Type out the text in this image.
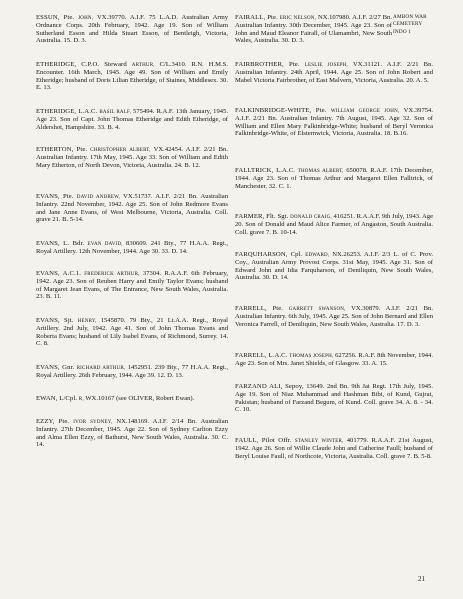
ESSUN, Pte. JOHN, VX.39770. A.I.F. 75 L.A.D. Australian Army Ordnance Corps. 20th February, 1942. Age 19. Son of William Sutherland Esson and Hilda Stuart Esson, of Bentleigh, Victoria, Australia. 15. D. 3.

ETHERIDGE, C.P.O. Steward ARTHUR, C/L.3410. R.N. H.M.S. Encounter. 16th March, 1945. Age 49. Son of William and Emily Etheridge; husband of Doris Lilian Etheridge, of Staines, Middlesex. 30. E. 13.

ETHERIDGE, L.A.C. BASIL RALF, 575494. R.A.F. 13th January, 1945. Age 23. Son of Capt. John Thomas Etheridge and Edith Etheridge, of Aldershot, Hampshire. 33. B. 4.

ETHERTON, Pte. CHRISTOPHER ALBERT, VX.42454. A.I.F. 2/21 Bn. Australian Infantry. 17th May, 1945. Age 33. Son of William and Edith Mary Etherton, of North Devon, Victoria, Australia. 24. B. 12.

EVANS, Pte. DAVID ANDREW, VX.51737. A.I.F. 2/21 Bn. Australian Infantry. 22nd November, 1942. Age 25. Son of John Redmore Evans and Jane Anne Evans, of West Melbourne, Victoria, Australia. Coll. grave 21. B. 5-14.

EVANS, L. Bdr. EVAN DAVID, 830609. 241 Bty., 77 H.A.A. Regt., Royal Artillery. 12th November, 1944. Age 30. 33. D. 14.

EVANS, A.C.1. FREDERICK ARTHUR, 37304. R.A.A.F. 6th February, 1942. Age 23. Son of Reuben Harry and Emily Taylor Evans; husband of Margaret Jean Evans, of The Entrance, New South Wales, Australia. 23. B. 11.

EVANS, Sjt. HENRY, 1545870. 79 Bty., 21 Lt.A.A. Regt., Royal Artillery. 2nd July, 1942. Age 41. Son of John Thomas Evans and Roberta Evans; husband of Lily Isabel Evans, of Richmond, Surrey. 14. C. 8.

EVANS, Gnr. RICHARD ARTHUR, 1452951. 239 Bty., 77 H.A.A. Regt., Royal Artillery. 26th February, 1944. Age 39. 12. D. 13.

EWAN, L/Cpl. R, WX.10167 (see OLIVER, Robert Ewan).

EZZY, Pte. IVOR SYDNEY, NX.148169. A.I.F. 2/14 Bn. Australian Infantry. 27th December, 1945. Age 22. Son of Sydney Carlton Ezzy and Alma Ellen Ezzy, of Bathurst, New South Wales, Australia. 30. C. 14.

AMBON WAR CEMETERY INDO 1

FAIRALL, Pte. ERIC NELSON, NX.107980. A.I.F. 2/27 Bn. Australian Infantry. 30th December, 1945. Age 23. Son of John and Maud Eleanor Fairall, of Ulamambri, New South Wales, Australia. 30. D. 3.

FAIRBROTHER, Pte. LESLIE JOSEPH, VX.31121. A.I.F. 2/21 Bn. Australian Infantry. 24th April, 1944. Age 25. Son of John Robert and Mabel Victoria Fairbrother, of East Malvern, Victoria, Australia. 20. A. 5.

FALKINBRIDGE-WHITE, Pte. WILLIAM GEORGE JOHN, VX.39754. A.I.F. 2/21 Bn. Australian Infantry. 7th August, 1945. Age 32. Son of William and Ellen Mary Falkinbridge-White; husband of Beryl Veronica Falkinbridge-White, of Elsternwick, Victoria, Australia. 18. B.16.

FALLTRICK, L.A.C. THOMAS ALBERT, 650078. R.A.F. 17th December, 1944. Age 23. Son of Thomas Arthur and Margaret Ellen Falltrick, of Manchester. 32. C. 1.

FARMER, Flt. Sgt. DONALD CRAIG, 416251. R.A.A.F. 9th July, 1943. Age 20. Son of Donald and Maud Alice Farmer, of Angaston, South Australia. Coll. grave 7. B. 10-14.

FARQUHARSON, Cpl. EDWARD, NX.26253. A.I.F. 2/3 L. of C. Prov. Coy., Australian Army Provost Corps. 31st May, 1945. Age 31. Son of Edward John and Idia Farquharson, of Deniliquin, New South Wales, Australia. 30. D. 14.

FARRELL, Pte. GARRETT SWANSON, VX.30879. A.I.F. 2/21 Bn. Australian Infantry. 6th July, 1945. Age 25. Son of John Bernard and Ellen Veronica Farrell, of Deniliquin, New South Wales, Australia. 17. D. 3.

FARRELL, L.A.C. THOMAS JOSEPH, 627256. R.A.F. 8th November, 1944. Age 23. Son of Mrs. Janet Shields, of Glasgow. 33. A. 15.

FARZAND ALI, Sepoy, 13649. 2nd Bn. 9th Jat Regt. 17th July, 1945. Age 19. Son of Niaz Muhammad and Hashman Bibi, of Kund, Gujrat, Pakistan; husband of Farzand Begum, of Kund. Coll. grave 34. A. 8. - 34. C. 10.

FAULL, Pilot Offr. STANLEY WINTER, 401779. R.A.A.F. 21st August, 1942. Age 26. Son of Willie Claude John and Catherine Faull; husband of Beryl Louise Faull, of Northcote, Victoria, Australia. Coll. grave 7. B. 5-8.

21
